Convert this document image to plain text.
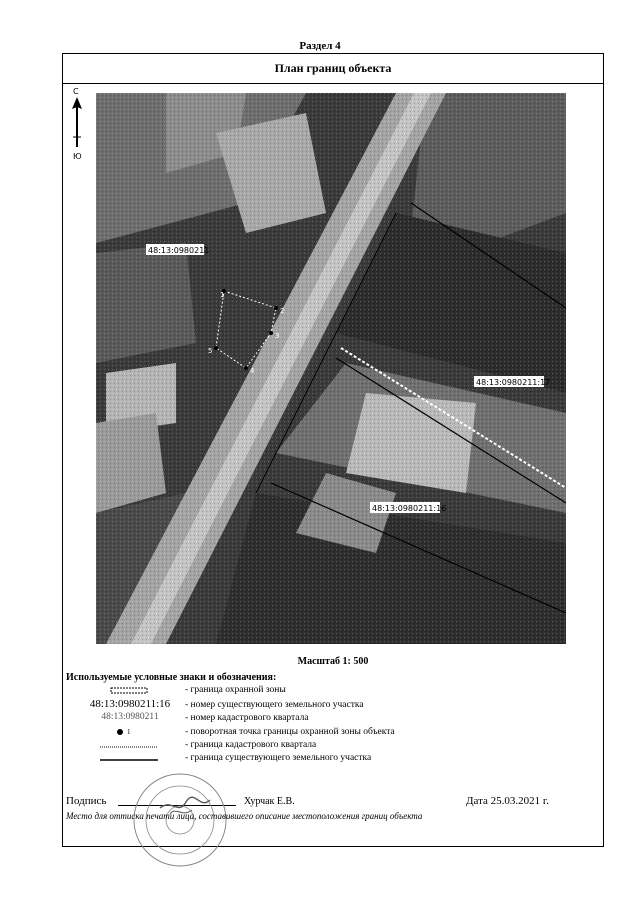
Раздел 4
План границ объекта
С
Ю
1
2
3
4
5
48:13:0980211
48:13:0980211:17
48:13:0980211:16
Масштаб 1: 500
Используемые условные знаки и обозначения:
- граница охранной зоны
48:13:0980211:16	- номер существующего земельного участка
48:13:0980211	- номер кадастрового квартала
1	- поворотная точка границы охранной зоны объекта
- граница кадастрового квартала
- граница существующего земельного участка
Подпись	Хурчак Е.В.	Дата 25.03.2021 г.
Место для оттиска печати лица, составившего описание местоположения границ объекта
